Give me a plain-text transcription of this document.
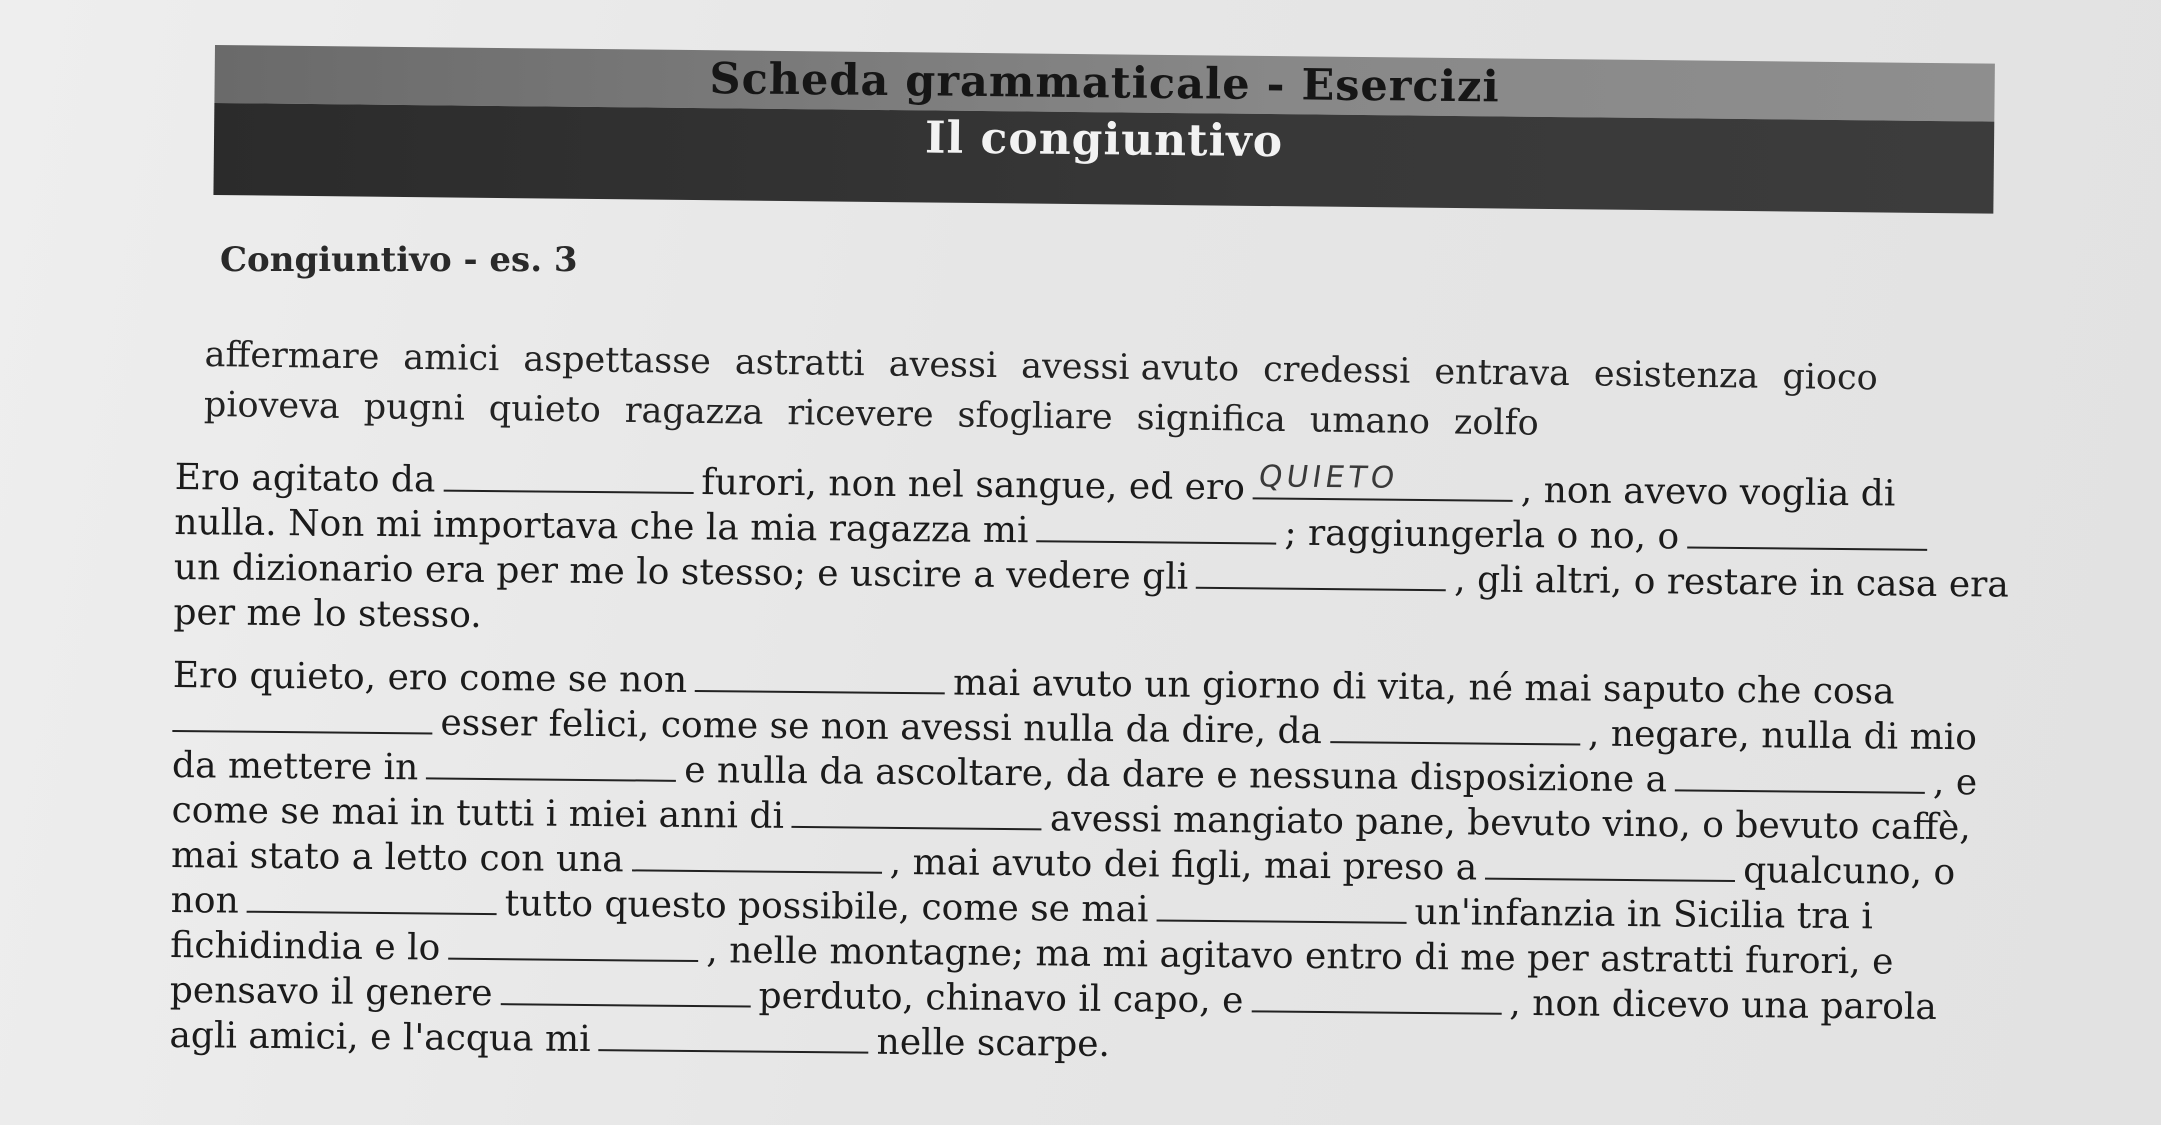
Scheda grammaticale - Esercizi
Il congiuntivo
Congiuntivo - es. 3
affermare amici aspettasse astratti avessi avessi avuto credessi entrava esistenza gioco
pioveva pugni quieto ragazza ricevere sfogliare significa umano zolfo
Ero agitato da	furori, non nel sangue, ed ero QUIETO	, non avevo voglia di
nulla. Non mi importava che la mia ragazza mi	; raggiungerla o no, o
un dizionario era per me lo stesso; e uscire a vedere gli	, gli altri, o restare in casa era
per me lo stesso.
Ero quieto, ero come se non	mai avuto un giorno di vita, né mai saputo che cosa
esser felici, come se non avessi nulla da dire, da	, negare, nulla di mio
da mettere in	e nulla da ascoltare, da dare e nessuna disposizione a	, e
come se mai in tutti i miei anni di	avessi mangiato pane, bevuto vino, o bevuto caffè,
mai stato a letto con una	, mai avuto dei figli, mai preso a	qualcuno, o
non	tutto questo possibile, come se mai	un'infanzia in Sicilia tra i
fichidindia e lo	, nelle montagne; ma mi agitavo entro di me per astratti furori, e
pensavo il genere	perduto, chinavo il capo, e	, non dicevo una parola
agli amici, e l'acqua mi	nelle scarpe.
